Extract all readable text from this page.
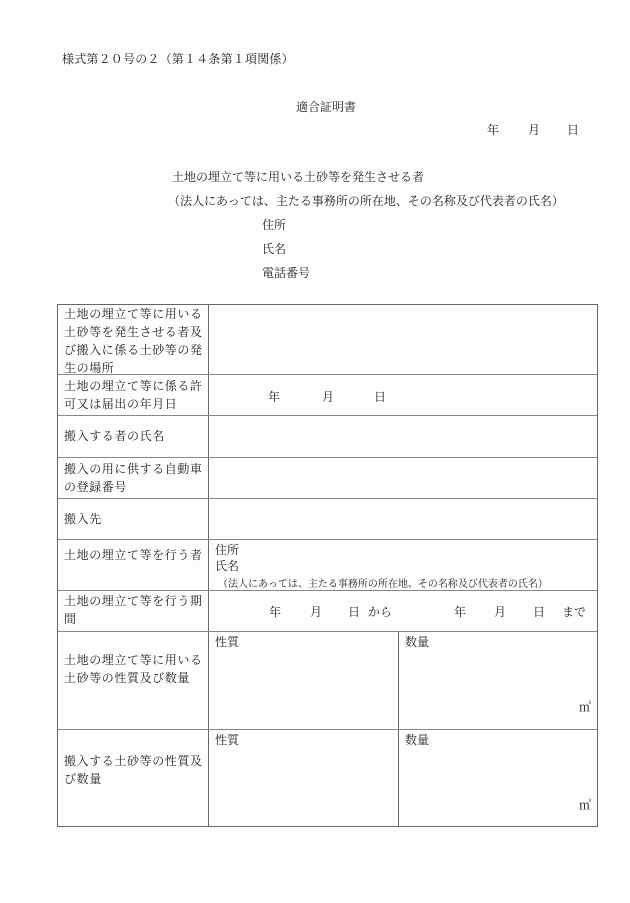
様式第２０号の２（第１４条第１項関係）
適合証明書
年 月 日
土地の埋立て等に用いる土砂等を発生させる者
（法人にあっては、主たる事務所の所在地、その名称及び代表者の氏名）
住所
氏名
電話番号
土地の埋立て等に用いる土砂等を発生させる者及び搬入に係る土砂等の発生の場所
土地の埋立て等に係る許可又は届出の年月日	年	月	日
搬入する者の氏名
搬入の用に供する自動車の登録番号
搬入先
土地の埋立て等を行う者 住所
氏名
（法人にあっては、主たる事務所の所在地、その名称及び代表者の氏名）
土地の埋立て等を行う期間	年 月 日 から	年 月 日 まで
土地の埋立て等に用いる土砂等の性質及び数量
性質	数量
㎥
搬入する土砂等の性質及び数量
性質	数量
㎥
